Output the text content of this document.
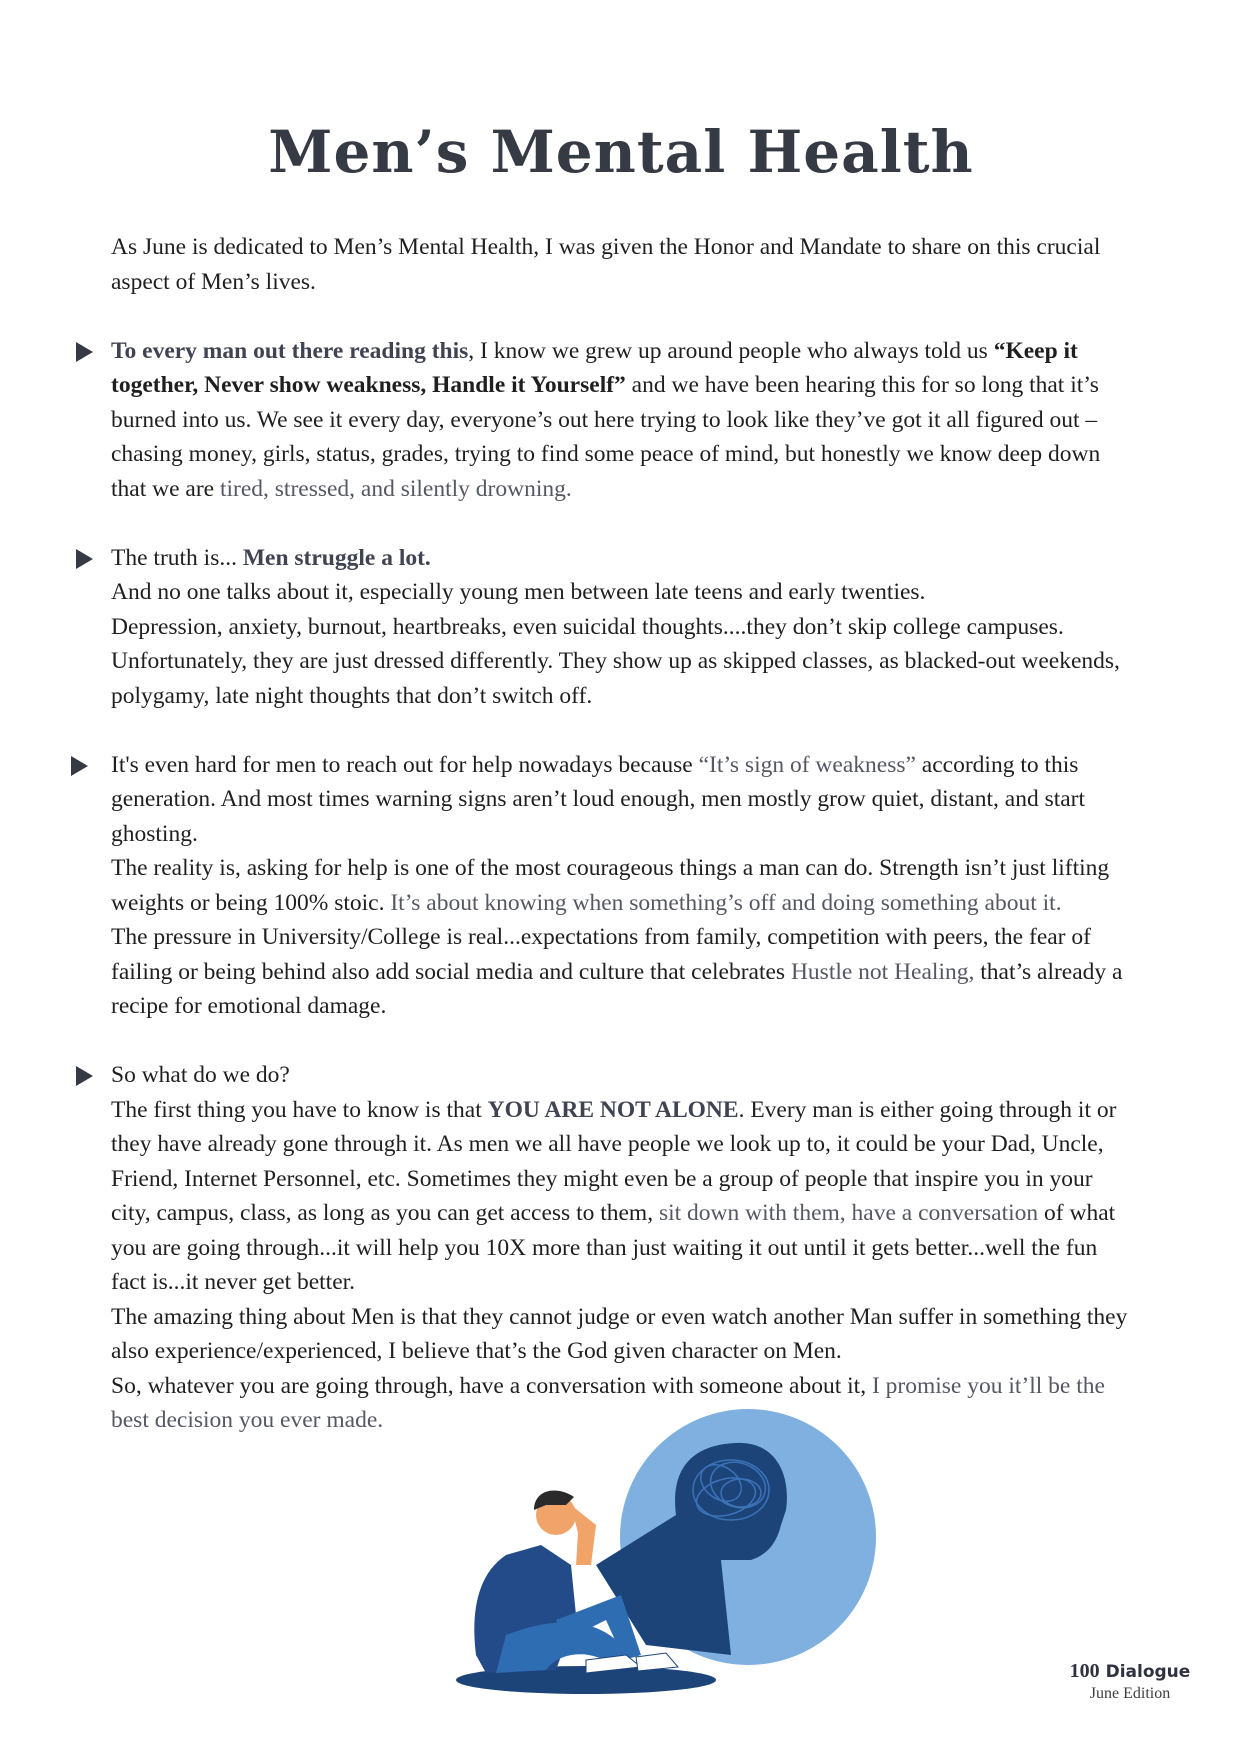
Men’s Mental Health

As June is dedicated to Men’s Mental Health, I was given the Honor and Mandate to share on this crucial aspect of Men’s lives.

To every man out there reading this, I know we grew up around people who always told us “Keep it together, Never show weakness, Handle it Yourself” and we have been hearing this for so long that it’s burned into us. We see it every day, everyone’s out here trying to look like they’ve got it all figured out – chasing money, girls, status, grades, trying to find some peace of mind, but honestly we know deep down that we are tired, stressed, and silently drowning.

The truth is... Men struggle a lot.

And no one talks about it, especially young men between late teens and early twenties.

Depression, anxiety, burnout, heartbreaks, even suicidal thoughts....they don’t skip college campuses. Unfortunately, they are just dressed differently. They show up as skipped classes, as blacked-out weekends, polygamy, late night thoughts that don’t switch off.

It's even hard for men to reach out for help nowadays because “It’s sign of weakness” according to this generation. And most times warning signs aren’t loud enough, men mostly grow quiet, distant, and start ghosting.

The reality is, asking for help is one of the most courageous things a man can do. Strength isn’t just lifting weights or being 100% stoic. It’s about knowing when something’s off and doing something about it.

The pressure in University/College is real...expectations from family, competition with peers, the fear of failing or being behind also add social media and culture that celebrates Hustle not Healing, that’s already a recipe for emotional damage.

So what do we do?

The first thing you have to know is that YOU ARE NOT ALONE. Every man is either going through it or they have already gone through it. As men we all have people we look up to, it could be your Dad, Uncle, Friend, Internet Personnel, etc. Sometimes they might even be a group of people that inspire you in your city, campus, class, as long as you can get access to them, sit down with them, have a conversation of what you are going through...it will help you 10X more than just waiting it out until it gets better...well the fun fact is...it never get better.

The amazing thing about Men is that they cannot judge or even watch another Man suffer in something they also experience/experienced, I believe that’s the God given character on Men.

So, whatever you are going through, have a conversation with someone about it, I promise you it’ll be the best decision you ever made.

100 Dialogue
June Edition
